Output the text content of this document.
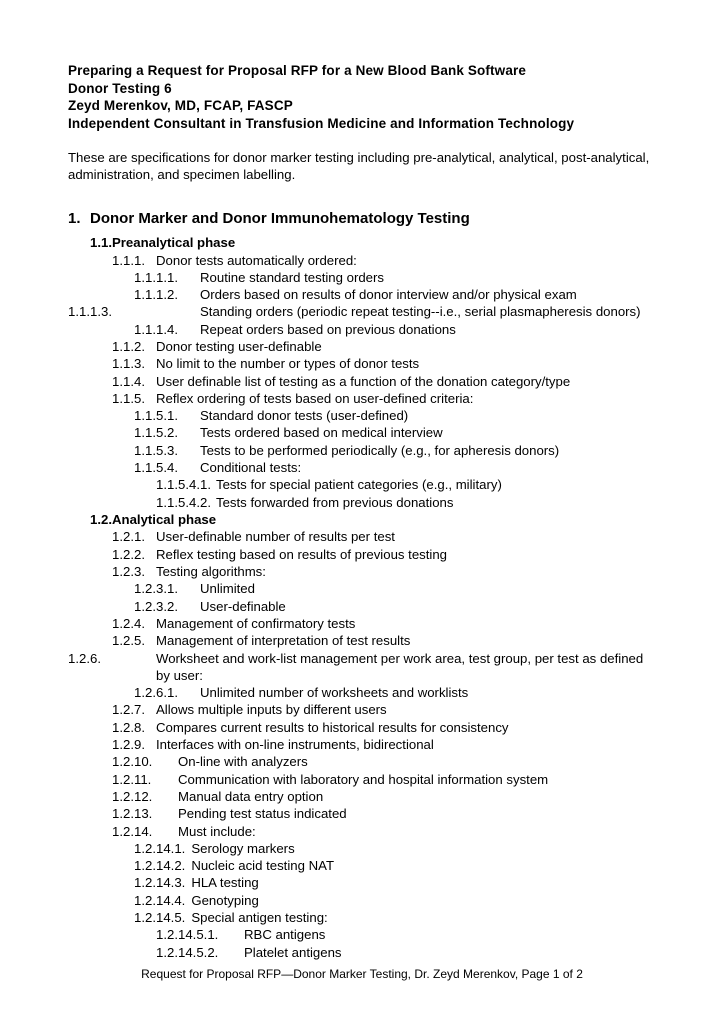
Preparing a Request for Proposal RFP for a New Blood Bank Software
Donor Testing 6
Zeyd Merenkov, MD, FCAP, FASCP
Independent Consultant in Transfusion Medicine and Information Technology

These are specifications for donor marker testing including pre-analytical, analytical, post-analytical, administration, and specimen labelling.

1. Donor Marker and Donor Immunohematology Testing
1.1.Preanalytical phase
1.1.1. Donor tests automatically ordered:
1.1.1.1. Routine standard testing orders
1.1.1.2. Orders based on results of donor interview and/or physical exam
1.1.1.3.	Standing orders (periodic repeat testing--i.e., serial plasmapheresis donors)
1.1.1.4. Repeat orders based on previous donations
1.1.2. Donor testing user-definable
1.1.3. No limit to the number or types of donor tests
1.1.4. User definable list of testing as a function of the donation category/type
1.1.5. Reflex ordering of tests based on user-defined criteria:
1.1.5.1. Standard donor tests (user-defined)
1.1.5.2. Tests ordered based on medical interview
1.1.5.3. Tests to be performed periodically (e.g., for apheresis donors)
1.1.5.4. Conditional tests:
1.1.5.4.1. Tests for special patient categories (e.g., military)
1.1.5.4.2. Tests forwarded from previous donations
1.2.Analytical phase
1.2.1. User-definable number of results per test
1.2.2. Reflex testing based on results of previous testing
1.2.3. Testing algorithms:
1.2.3.1. Unlimited
1.2.3.2. User-definable
1.2.4. Management of confirmatory tests
1.2.5. Management of interpretation of test results
1.2.6.	Worksheet and work-list management per work area, test group, per test as defined by user:
1.2.6.1. Unlimited number of worksheets and worklists
1.2.7. Allows multiple inputs by different users
1.2.8. Compares current results to historical results for consistency
1.2.9. Interfaces with on-line instruments, bidirectional
1.2.10. On-line with analyzers
1.2.11. Communication with laboratory and hospital information system
1.2.12. Manual data entry option
1.2.13. Pending test status indicated
1.2.14. Must include:
1.2.14.1. Serology markers
1.2.14.2. Nucleic acid testing NAT
1.2.14.3. HLA testing
1.2.14.4. Genotyping
1.2.14.5. Special antigen testing:
1.2.14.5.1. RBC antigens
1.2.14.5.2. Platelet antigens
Request for Proposal RFP—Donor Marker Testing, Dr. Zeyd Merenkov, Page 1 of 2
